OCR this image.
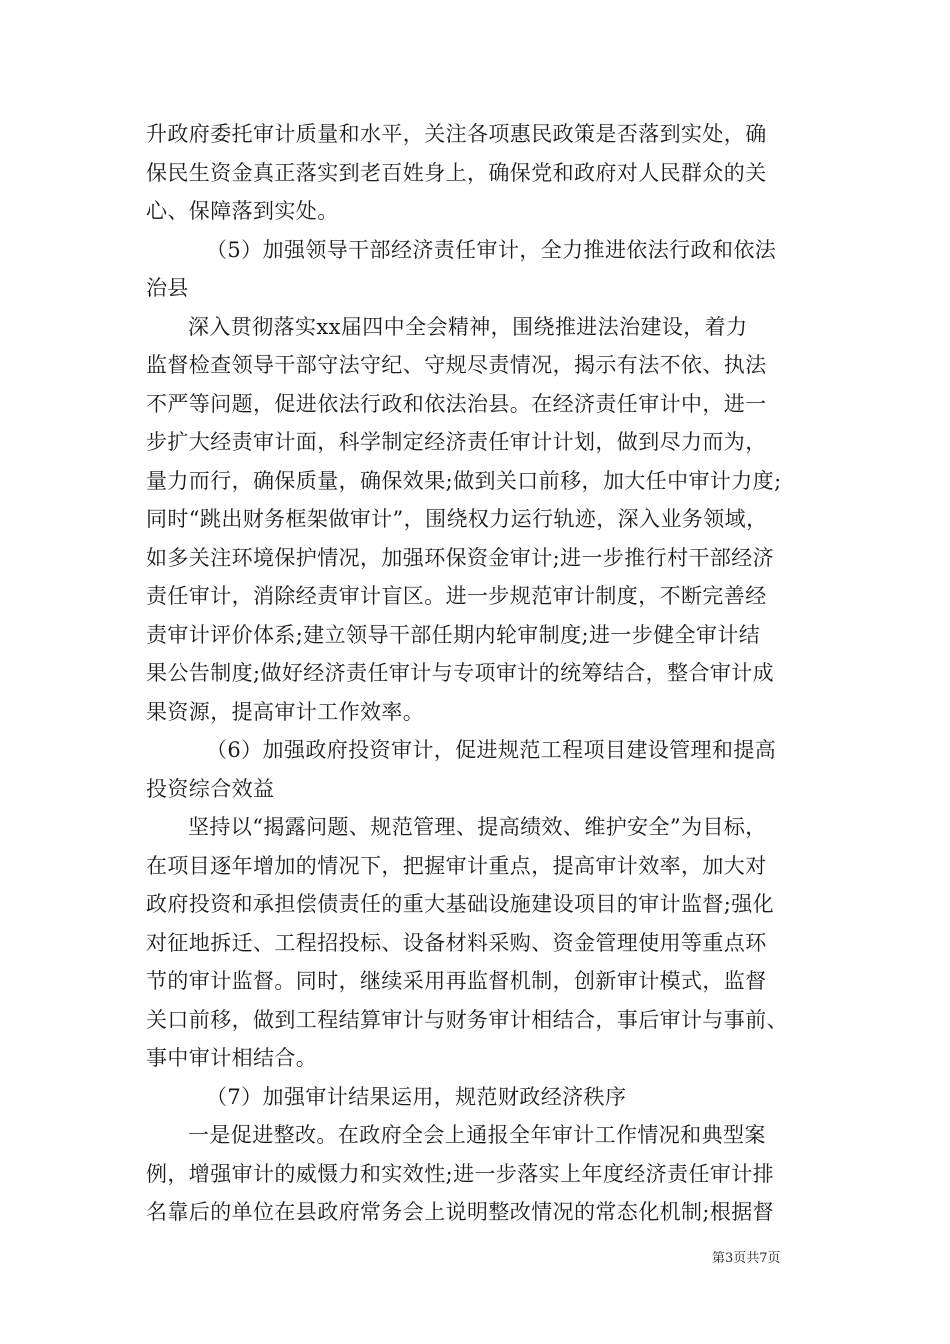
升政府委托审计质量和水平，关注各项惠民政策是否落到实处，确
保民生资金真正落实到老百姓身上，确保党和政府对人民群众的关
心、保障落到实处。
（5）加强领导干部经济责任审计，全力推进依法行政和依法
治县
深入贯彻落实xx届四中全会精神，围绕推进法治建设，着力
监督检查领导干部守法守纪、守规尽责情况，揭示有法不依、执法
不严等问题，促进依法行政和依法治县。在经济责任审计中，进一
步扩大经责审计面，科学制定经济责任审计计划，做到尽力而为，
量力而行，确保质量，确保效果;做到关口前移，加大任中审计力度;
同时“跳出财务框架做审计”，围绕权力运行轨迹，深入业务领域，
如多关注环境保护情况，加强环保资金审计;进一步推行村干部经济
责任审计，消除经责审计盲区。进一步规范审计制度，不断完善经
责审计评价体系;建立领导干部任期内轮审制度;进一步健全审计结
果公告制度;做好经济责任审计与专项审计的统筹结合，整合审计成
果资源，提高审计工作效率。
（6）加强政府投资审计，促进规范工程项目建设管理和提高
投资综合效益
坚持以“揭露问题、规范管理、提高绩效、维护安全”为目标，
在项目逐年增加的情况下，把握审计重点，提高审计效率，加大对
政府投资和承担偿债责任的重大基础设施建设项目的审计监督;强化
对征地拆迁、工程招投标、设备材料采购、资金管理使用等重点环
节的审计监督。同时，继续采用再监督机制，创新审计模式，监督
关口前移，做到工程结算审计与财务审计相结合，事后审计与事前、
事中审计相结合。
（7）加强审计结果运用，规范财政经济秩序
一是促进整改。在政府全会上通报全年审计工作情况和典型案
例，增强审计的威慑力和实效性;进一步落实上年度经济责任审计排
名靠后的单位在县政府常务会上说明整改情况的常态化机制;根据督
第3页共7页
